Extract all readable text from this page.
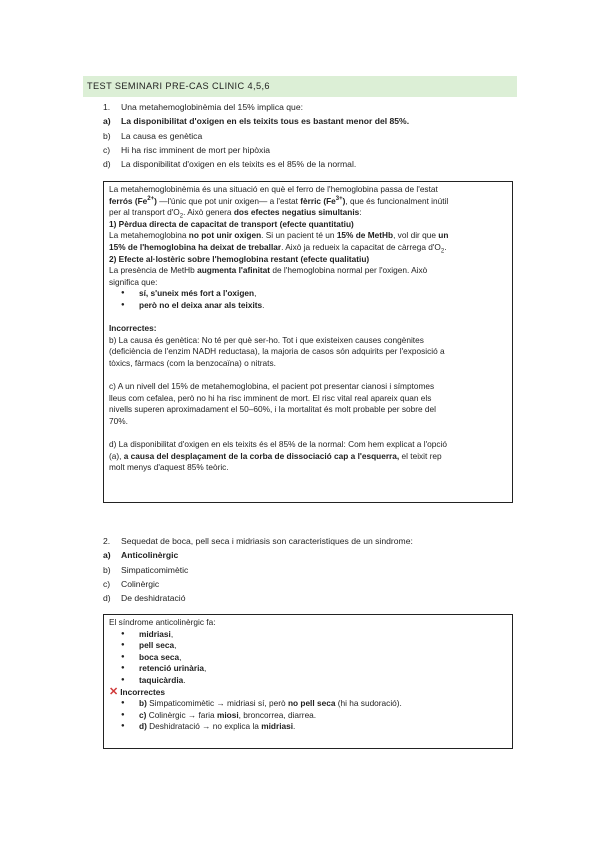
TEST SEMINARI PRE-CAS CLINIC 4,5,6
1. Una metahemoglobinèmia del 15% implica que:
a) La disponibilitat d'oxigen en els teixits tous es bastant menor del 85%.
b) La causa es genètica
c) Hi ha risc imminent de mort per hipòxia
d) La disponibilitat d'oxigen en els teixits es el 85% de la normal.

La metahemoglobinèmia és una situació en què el ferro de l'hemoglobina passa de l'estat
ferrós $(Fe^{2+})$ —l'únic que pot unir oxigen— a l'estat fèrric $(Fe^{3+})$, que és funcionalment inútil
per al transport $d'O_2$. Això genera dos efectes negatius simultanis:

1) Pèrdua directa de capacitat de transport (efecte quantitatiu)

La metahemoglobina no pot unir oxigen. Si un pacient té un 15% de MetHb, vol dir que un
15% de l'hemoglobina ha deixat de treballar. Això ja redueix la capacitat de càrrega $d'O_2$.

2) Efecte al·lostèric sobre l'hemoglobina restant (efecte qualitatiu)

La presència de MetHb augmenta l'afinitat de l'hemoglobina normal per l'oxigen. Això
significa que:

● sí, s'uneix més fort a l'oxigen,
● però no el deixa anar als teixits.

Incorrectes:

b) La causa és genètica: No té per què ser-ho. Tot i que existeixen causes congènites
(deficiència de l'enzim NADH reductasa), la majoria de casos són adquirits per l'exposició a
tòxics, fàrmacs (com la benzocaïna) o nitrats.

c) A un nivell del 15% de metahemoglobina, el pacient pot presentar cianosi i símptomes
lleus com cefalea, però no hi ha risc imminent de mort. El risc vital real apareix quan els
nivells superen aproximadament el 50–60%, i la mortalitat és molt probable per sobre del
70%.

d) La disponibilitat d'oxigen en els teixits és el 85% de la normal: Com hem explicat a l'opció
(a), a causa del desplaçament de la corba de dissociació cap a l'esquerra, el teixit rep
molt menys d'aquest 85% teòric.

2. Sequedat de boca, pell seca i midriasis son caracteristiques de un sindrome:
a) Anticolinèrgic
b) Simpaticomimètic
c) Colinèrgic
d) De deshidratació

El síndrome anticolinèrgic fa:

● midriasi,
● pell seca,
● boca seca,
● retenció urinària,
● taquicàrdia.

✕ Incorrectes

● b) Simpaticomimètic → midriasi sí, però no pell seca (hi ha sudoració).
● c) Colinèrgic → faria miosi, broncorrea, diarrea.
● d) Deshidratació → no explica la midriasi.
